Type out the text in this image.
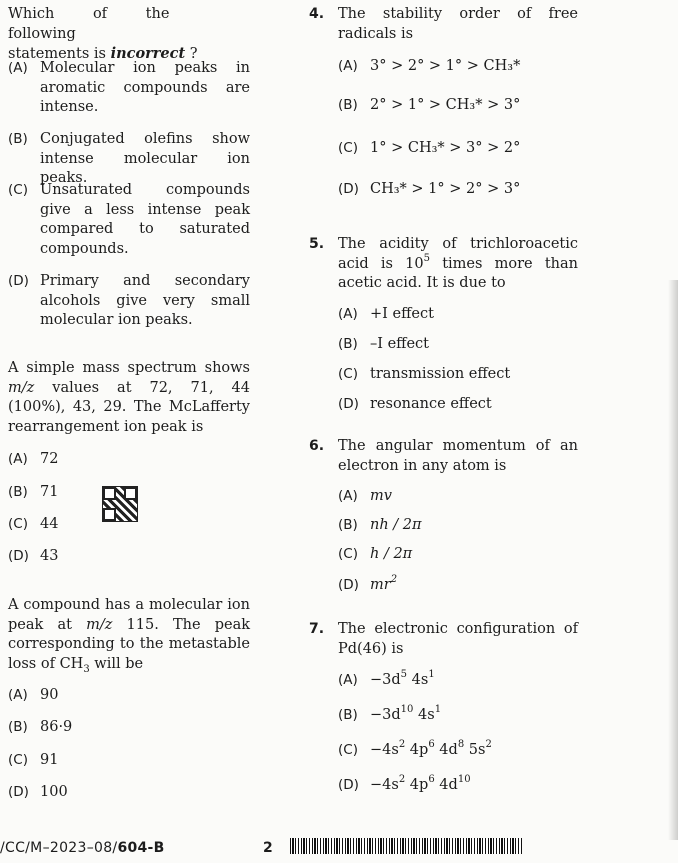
Which of the following
statements is incorrect ?
(A) Molecular ion peaks in aromatic compounds are intense.
(B) Conjugated olefins show intense molecular ion peaks.
(C) Unsaturated compounds give a less intense peak compared to saturated compounds.
(D) Primary and secondary alcohols give very small molecular ion peaks.
A simple mass spectrum shows
m/z values at 72, 71, 44
(100%), 43, 29. The McLafferty
rearrangement ion peak is
(A) 72
(B) 71
(C) 44
(D) 43
A compound has a molecular ion
peak at m/z 115. The peak
corresponding to the metastable
loss of $CH_3$ will be
(A) 90
(B) 86·9
(C) 91
(D) 100
4. The stability order of free
radicals is
(A) 3° > 2° > 1° > CH₃*
(B) 2° > 1° > CH₃* > 3°
(C) 1° > CH₃* > 3° > 2°
(D) CH₃* > 1° > 2° > 3°
5. The acidity of trichloroacetic
acid is $10^5$ times more than
acetic acid. It is due to
(A) +I effect
(B) –I effect
(C) transmission effect
(D) resonance effect
6. The angular momentum of an
electron in any atom is
(A) mv
(B) nh / 2π
(C) h / 2π
(D) $mr^2$
7. The electronic configuration of
Pd(46) is
$(A) -3d^5$ $4s^1$
$(B) -3d^{10}$ $4s^1$
$(C) -4s^2$ $4p^6$ $4d^8$ $5s^2$
$(D) -4s^2$ $4p^6$ $4d^{10}$
/CC/M–2023–08/604-B	2
